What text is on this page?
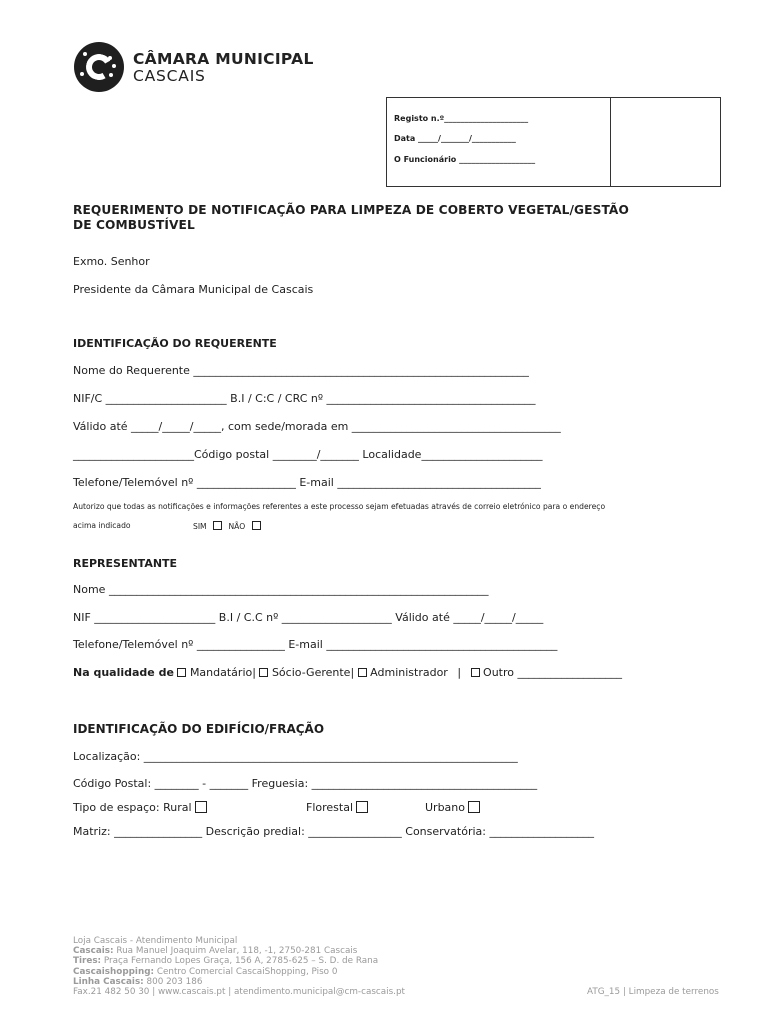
CÂMARA MUNICIPAL
CASCAIS
Registo n.º_____________________
Data _____/_______/___________
O Funcionário ___________________
REQUERIMENTO DE NOTIFICAÇÃO PARA LIMPEZA DE COBERTO VEGETAL/GESTÃO
DE COMBUSTÍVEL
Exmo. Senhor
Presidente da Câmara Municipal de Cascais
IDENTIFICAÇÃO DO REQUERENTE
Nome do Requerente _____________________________________________________________
NIF/C ______________________ B.I / C:C / CRC nº ______________________________________
Válido até _____/_____/_____, com sede/morada em ______________________________________
______________________Código postal ________/_______ Localidade______________________
Telefone/Telemóvel nº __________________ E-mail _____________________________________
Autorizo que todas as notificações e informações referentes a este processo sejam efetuadas através de correio eletrónico para o endereço
acima indicado	SIM	NÃO
REPRESENTANTE
Nome _____________________________________________________________________
NIF ______________________ B.I / C.C nº ____________________ Válido até _____/_____/_____
Telefone/Telemóvel nº ________________ E-mail __________________________________________
Na qualidade de Mandatário| Sócio-Gerente| Administrador | Outro ___________________
IDENTIFICAÇÃO DO EDIFÍCIO/FRAÇÃO
Localização: ____________________________________________________________________
Código Postal: ________ - _______ Freguesia: _________________________________________
Tipo de espaço: Rural	Florestal	Urbano
Matriz: ________________ Descrição predial: _________________ Conservatória: ___________________
Loja Cascais - Atendimento Municipal
Cascais: Rua Manuel Joaquim Avelar, 118, -1, 2750-281 Cascais
Tires: Praça Fernando Lopes Graça, 156 A, 2785-625 – S. D. de Rana
Cascaishopping: Centro Comercial CascaiShopping, Piso 0
Linha Cascais: 800 203 186
Fax.21 482 50 30 | www.cascais.pt | atendimento.municipal@cm-cascais.pt	ATG_15 | Limpeza de terrenos
